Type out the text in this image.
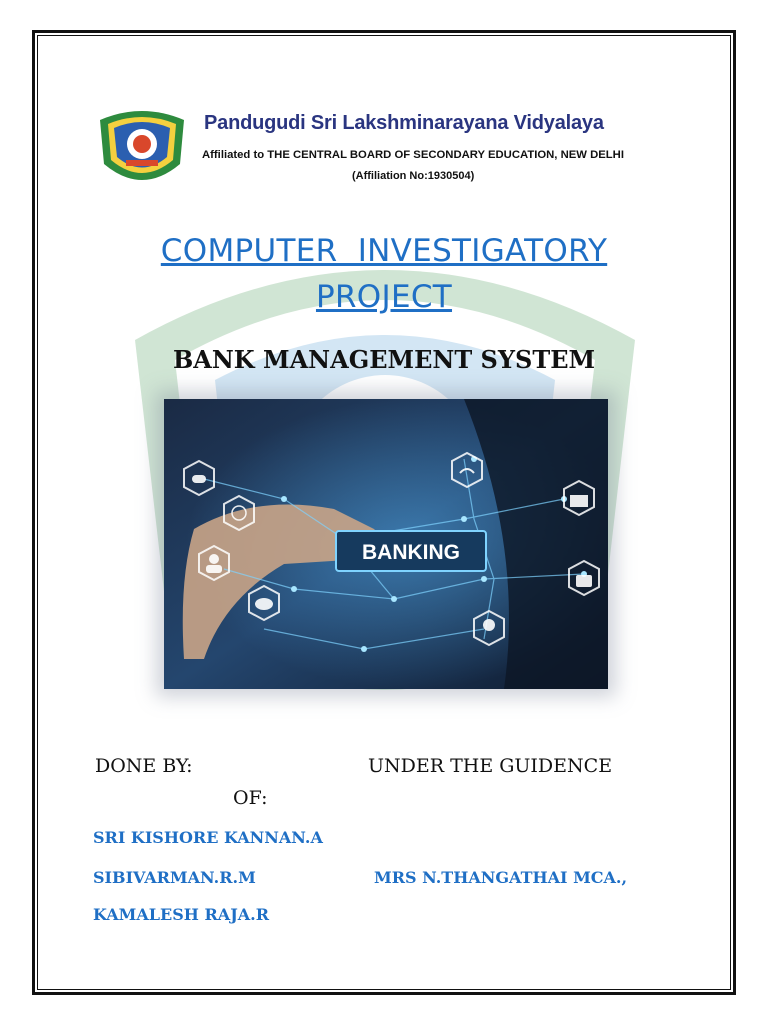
Pandugudi Sri Lakshminarayana Vidyalaya
Affiliated to THE CENTRAL BOARD OF SECONDARY EDUCATION, NEW DELHI
(Affiliation No:1930504)
COMPUTER  INVESTIGATORY
PROJECT
BANK MANAGEMENT SYSTEM
BANKING
DONE BY:	UNDER THE GUIDENCE
OF:
SRI KISHORE KANNAN.A
SIBIVARMAN.R.M
KAMALESH RAJA.R
MRS N.THANGATHAI MCA.,
